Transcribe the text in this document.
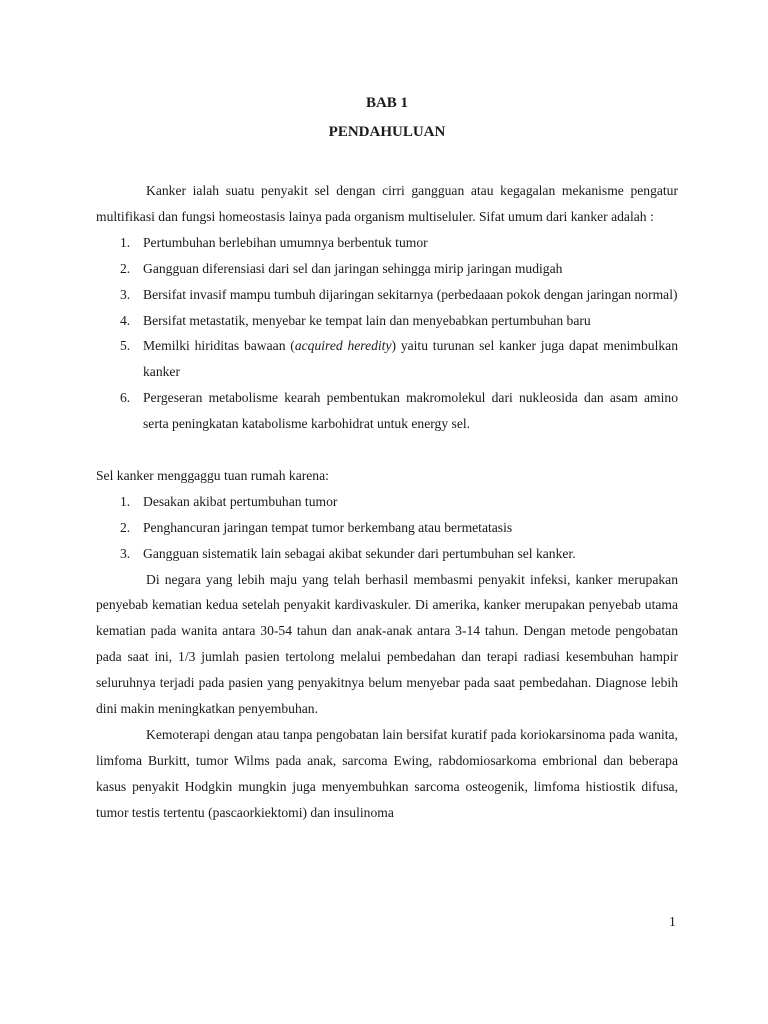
BAB 1
PENDAHULUAN

Kanker ialah suatu penyakit sel dengan cirri gangguan atau kegagalan mekanisme pengatur multifikasi dan fungsi homeostasis lainya pada organism multiseluler. Sifat umum dari kanker adalah :

1. Pertumbuhan berlebihan umumnya berbentuk tumor
2. Gangguan diferensiasi dari sel dan jaringan sehingga mirip jaringan mudigah
3. Bersifat invasif mampu tumbuh dijaringan sekitarnya (perbedaaan pokok dengan jaringan normal)
4. Bersifat metastatik, menyebar ke tempat lain dan menyebabkan pertumbuhan baru
5. Memilki hiriditas bawaan (acquired heredity) yaitu turunan sel kanker juga dapat menimbulkan kanker
6. Pergeseran metabolisme kearah pembentukan makromolekul dari nukleosida dan asam amino serta peningkatan katabolisme karbohidrat untuk energy sel.

Sel kanker menggaggu tuan rumah karena:

1. Desakan akibat pertumbuhan tumor
2. Penghancuran jaringan tempat tumor berkembang atau bermetatasis
3. Gangguan sistematik lain sebagai akibat sekunder dari pertumbuhan sel kanker.

Di negara yang lebih maju yang telah berhasil membasmi penyakit infeksi, kanker merupakan penyebab kematian kedua setelah penyakit kardivaskuler. Di amerika, kanker merupakan penyebab utama kematian pada wanita antara 30-54 tahun dan anak-anak antara 3-14 tahun. Dengan metode pengobatan pada saat ini, 1/3 jumlah pasien tertolong melalui pembedahan dan terapi radiasi kesembuhan hampir seluruhnya terjadi pada pasien yang penyakitnya belum menyebar pada saat pembedahan. Diagnose lebih dini makin meningkatkan penyembuhan.

Kemoterapi dengan atau tanpa pengobatan lain bersifat kuratif pada koriokarsinoma pada wanita, limfoma Burkitt, tumor Wilms pada anak, sarcoma Ewing, rabdomiosarkoma embrional dan beberapa kasus penyakit Hodgkin mungkin juga menyembuhkan sarcoma osteogenik, limfoma histiostik difusa, tumor testis tertentu (pascaorkiektomi) dan insulinoma

1
